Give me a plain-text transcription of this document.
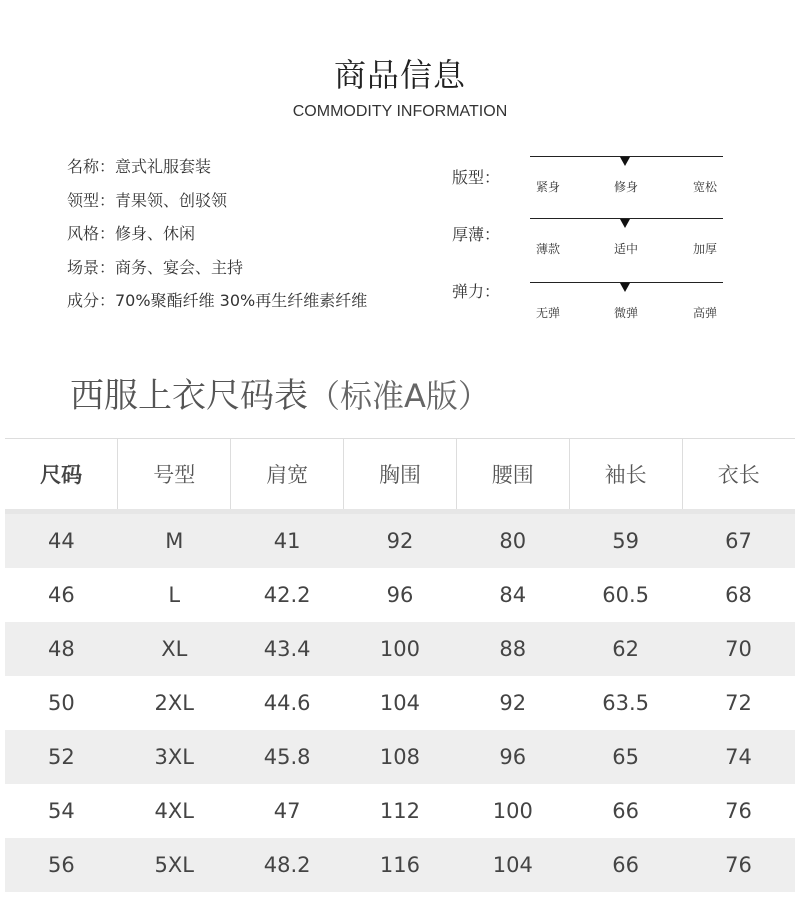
商品信息
COMMODITY INFORMATION
名称：意式礼服套装
领型：青果领、创驳领
风格：修身、休闲
场景：商务、宴会、主持
成分：70%聚酯纤维 30%再生纤维素纤维
版型：	紧身	修身	宽松
厚薄：
薄款	适中	加厚
弹力：
无弹	微弹	高弹
西服上衣尺码表（标准A版）
尺码	号型	肩宽	胸围	腰围	袖长	衣长

44	M	41	92	80	59	67
46	L	42.2	96	84	60.5	68
48	XL	43.4	100	88	62	70
50	2XL	44.6	104	92	63.5	72
52	3XL	45.8	108	96	65	74
54	4XL	47	112	100	66	76
56	5XL	48.2	116	104	66	76
